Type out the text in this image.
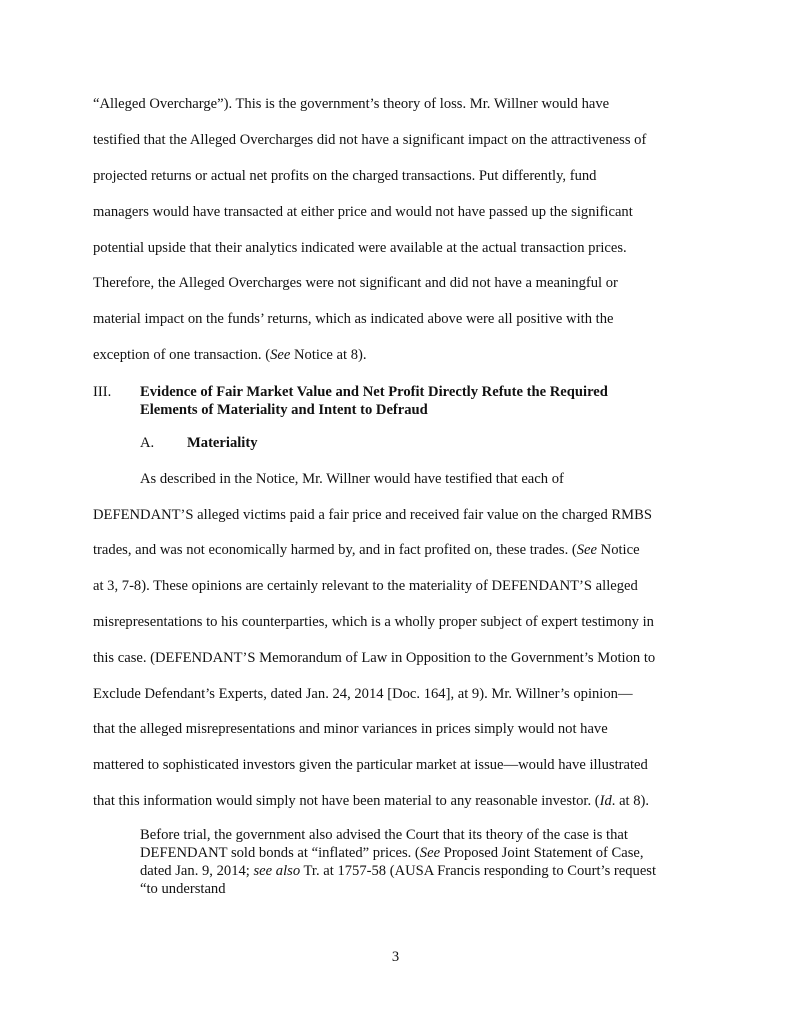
“Alleged Overcharge”). This is the government’s theory of loss. Mr. Willner would have
testified that the Alleged Overcharges did not have a significant impact on the attractiveness of
projected returns or actual net profits on the charged transactions. Put differently, fund
managers would have transacted at either price and would not have passed up the significant
potential upside that their analytics indicated were available at the actual transaction prices.
Therefore, the Alleged Overcharges were not significant and did not have a meaningful or
material impact on the funds’ returns, which as indicated above were all positive with the
exception of one transaction. (See Notice at 8).
III. Evidence of Fair Market Value and Net Profit Directly Refute the Required
Elements of Materiality and Intent to Defraud
A. Materiality
As described in the Notice, Mr. Willner would have testified that each of
DEFENDANT’S alleged victims paid a fair price and received fair value on the charged RMBS
trades, and was not economically harmed by, and in fact profited on, these trades. (See Notice
at 3, 7-8). These opinions are certainly relevant to the materiality of DEFENDANT’S alleged
misrepresentations to his counterparties, which is a wholly proper subject of expert testimony in
this case. (DEFENDANT’S Memorandum of Law in Opposition to the Government’s Motion to
Exclude Defendant’s Experts, dated Jan. 24, 2014 [Doc. 164], at 9). Mr. Willner’s opinion—
that the alleged misrepresentations and minor variances in prices simply would not have
mattered to sophisticated investors given the particular market at issue—would have illustrated
that this information would simply not have been material to any reasonable investor. (Id. at 8).
Before trial, the government also advised the Court that its theory of the case is that
DEFENDANT sold bonds at “inflated” prices. (See Proposed Joint Statement of Case,
dated Jan. 9, 2014; see also Tr. at 1757-58 (AUSA Francis responding to Court’s request
“to understand
3
